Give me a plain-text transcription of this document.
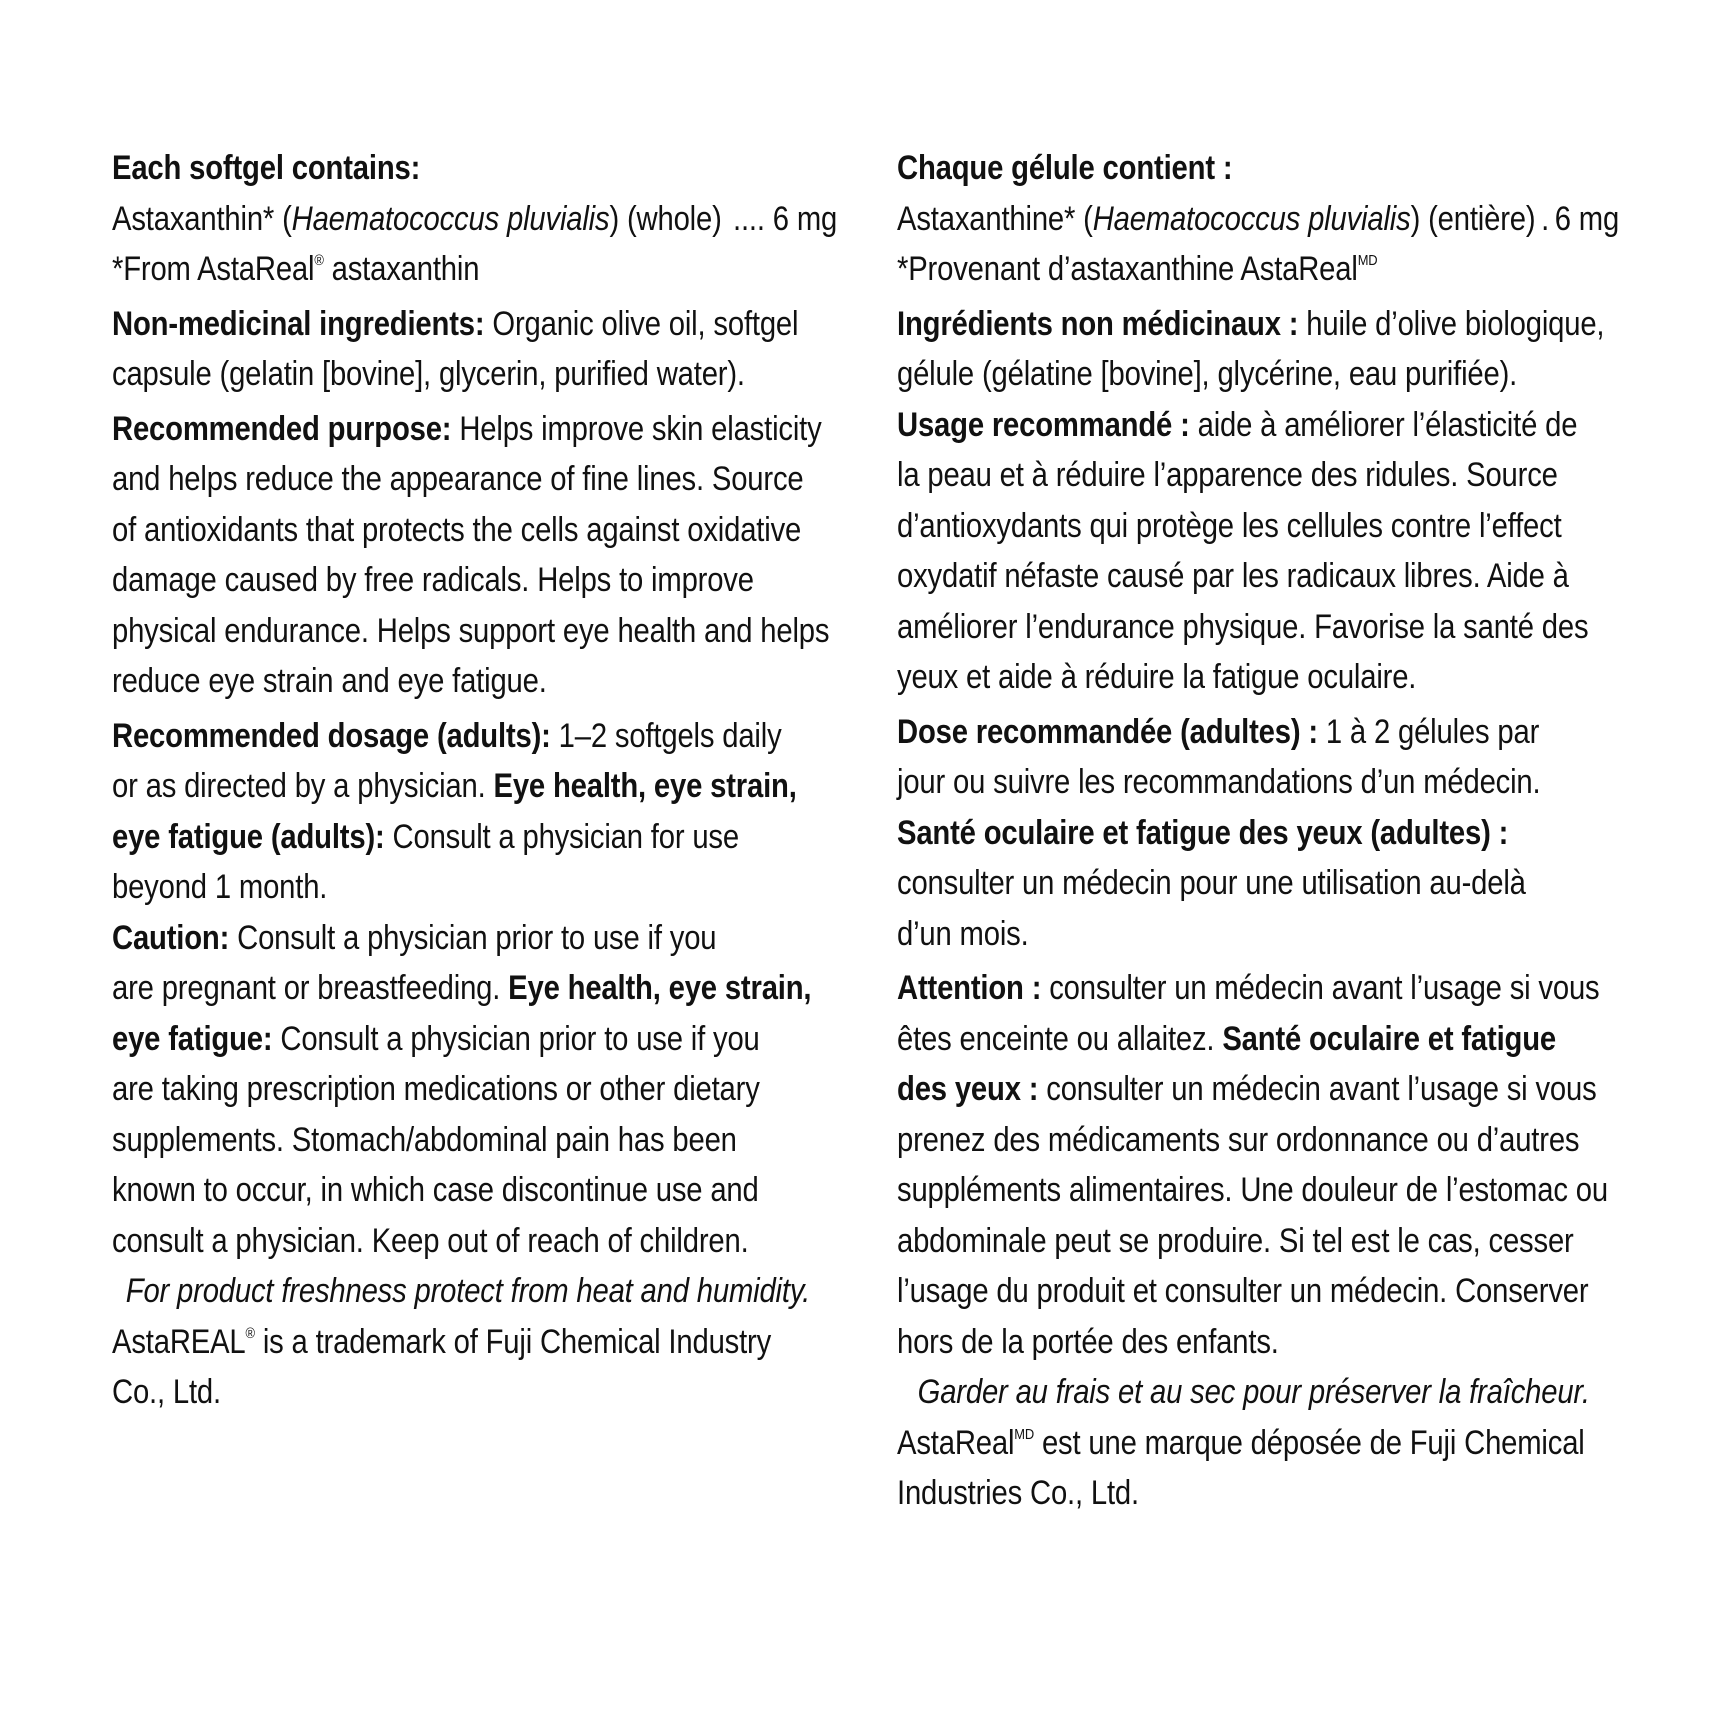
Each softgel contains:
Astaxanthin* (Haematococcus pluvialis) (whole)  .... 6 mg
*From AstaReal® astaxanthin
Non-medicinal ingredients: Organic olive oil, softgel
capsule (gelatin [bovine], glycerin, purified water).
Recommended purpose: Helps improve skin elasticity
and helps reduce the appearance of fine lines. Source
of antioxidants that protects the cells against oxidative
damage caused by free radicals. Helps to improve
physical endurance. Helps support eye health and helps
reduce eye strain and eye fatigue.
Recommended dosage (adults): 1–2 softgels daily
or as directed by a physician. Eye health, eye strain,
eye fatigue (adults): Consult a physician for use
beyond 1 month.
Caution: Consult a physician prior to use if you
are pregnant or breastfeeding. Eye health, eye strain,
eye fatigue: Consult a physician prior to use if you
are taking prescription medications or other dietary
supplements. Stomach/abdominal pain has been
known to occur, in which case discontinue use and
consult a physician. Keep out of reach of children.
For product freshness protect from heat and humidity.
AstaREAL® is a trademark of Fuji Chemical Industry
Co., Ltd.
Chaque gélule contient :
Astaxanthine* (Haematococcus pluvialis) (entière) . 6 mg
*Provenant d’astaxanthine AstaReal$^{MD}$
Ingrédients non médicinaux : huile d’olive biologique,
gélule (gélatine [bovine], glycérine, eau purifiée).
Usage recommandé : aide à améliorer l’élasticité de
la peau et à réduire l’apparence des ridules. Source
d’antioxydants qui protège les cellules contre l’effect
oxydatif néfaste causé par les radicaux libres. Aide à
améliorer l’endurance physique. Favorise la santé des
yeux et aide à réduire la fatigue oculaire.
Dose recommandée (adultes) : 1 à 2 gélules par
jour ou suivre les recommandations d’un médecin.
Santé oculaire et fatigue des yeux (adultes) :
consulter un médecin pour une utilisation au-delà
d’un mois.
Attention : consulter un médecin avant l’usage si vous
êtes enceinte ou allaitez. Santé oculaire et fatigue
des yeux : consulter un médecin avant l’usage si vous
prenez des médicaments sur ordonnance ou d’autres
suppléments alimentaires. Une douleur de l’estomac ou
abdominale peut se produire. Si tel est le cas, cesser
l’usage du produit et consulter un médecin. Conserver
hors de la portée des enfants.
Garder au frais et au sec pour préserver la fraîcheur.
AstaReal$^{MD}$ est une marque déposée de Fuji Chemical
Industries Co., Ltd.
